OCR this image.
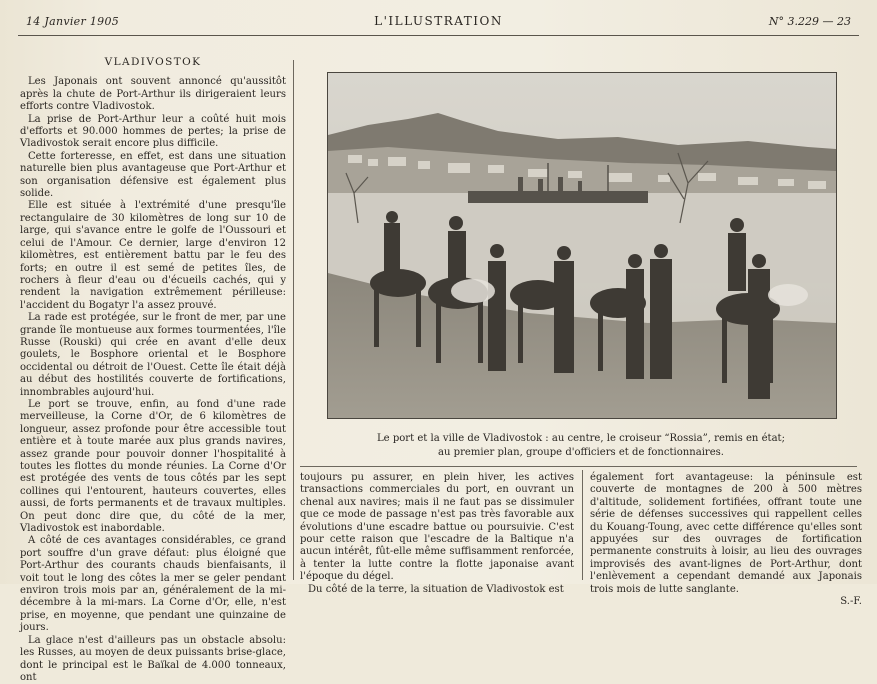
14 Janvier 1905	L'ILLUSTRATION	N° 3.229 — 23
VLADIVOSTOK

Les Japonais ont souvent annoncé qu'aussitôt après la chute de Port-Arthur ils dirigeraient leurs efforts contre Vladivostok.

La prise de Port-Arthur leur a coûté huit mois d'efforts et 90.000 hommes de pertes; la prise de Vladivostok serait encore plus difficile.

Cette forteresse, en effet, est dans une situation naturelle bien plus avantageuse que Port-Arthur et son organisation défensive est également plus solide.

Elle est située à l'extrémité d'une presqu'île rectangulaire de 30 kilomètres de long sur 10 de large, qui s'avance entre le golfe de l'Oussouri et celui de l'Amour. Ce dernier, large d'environ 12 kilomètres, est entièrement battu par le feu des forts; en outre il est semé de petites îles, de rochers à fleur d'eau ou d'écueils cachés, qui y rendent la navigation extrêmement périlleuse: l'accident du Bogatyr l'a assez prouvé.

La rade est protégée, sur le front de mer, par une grande île montueuse aux formes tourmentées, l'île Russe (Rouski) qui crée en avant d'elle deux goulets, le Bosphore oriental et le Bosphore occidental ou détroit de l'Ouest. Cette île était déjà au début des hostilités couverte de fortifications, innombrables aujourd'hui.

Le port se trouve, enfin, au fond d'une rade merveilleuse, la Corne d'Or, de 6 kilomètres de longueur, assez profonde pour être accessible tout entière et à toute marée aux plus grands navires, assez grande pour pouvoir donner l'hospitalité à toutes les flottes du monde réunies. La Corne d'Or est protégée des vents de tous côtés par les sept collines qui l'entourent, hauteurs couvertes, elles aussi, de forts permanents et de travaux multiples. On peut donc dire que, du côté de la mer, Vladivostok est inabordable.

A côté de ces avantages considérables, ce grand port souffre d'un grave défaut: plus éloigné que Port-Arthur des courants chauds bienfaisants, il voit tout le long des côtes la mer se geler pendant environ trois mois par an, généralement de la mi-décembre à la mi-mars. La Corne d'Or, elle, n'est prise, en moyenne, que pendant une quinzaine de jours.

La glace n'est d'ailleurs pas un obstacle absolu: les Russes, au moyen de deux puissants brise-glace, dont le principal est le Baïkal de 4.000 tonneaux, ont

Le port et la ville de Vladivostok : au centre, le croiseur “Rossia”, remis en état;
au premier plan, groupe d'officiers et de fonctionnaires.

toujours pu assurer, en plein hiver, les actives transactions commerciales du port, en ouvrant un chenal aux navires; mais il ne faut pas se dissimuler que ce mode de passage n'est pas très favorable aux évolutions d'une escadre battue ou poursuivie. C'est pour cette raison que l'escadre de la Baltique n'a aucun intérêt, fût-elle même suffisamment renforcée, à tenter la lutte contre la flotte japonaise avant l'époque du dégel.

Du côté de la terre, la situation de Vladivostok est

également fort avantageuse: la péninsule est couverte de montagnes de 200 à 500 mètres d'altitude, solidement fortifiées, offrant toute une série de défenses successives qui rappellent celles du Kouang-Toung, avec cette différence qu'elles sont appuyées sur des ouvrages de fortification permanente construits à loisir, au lieu des ouvrages improvisés des avant-lignes de Port-Arthur, dont l'enlèvement a cependant demandé aux Japonais trois mois de lutte sanglante.

S.-F.
